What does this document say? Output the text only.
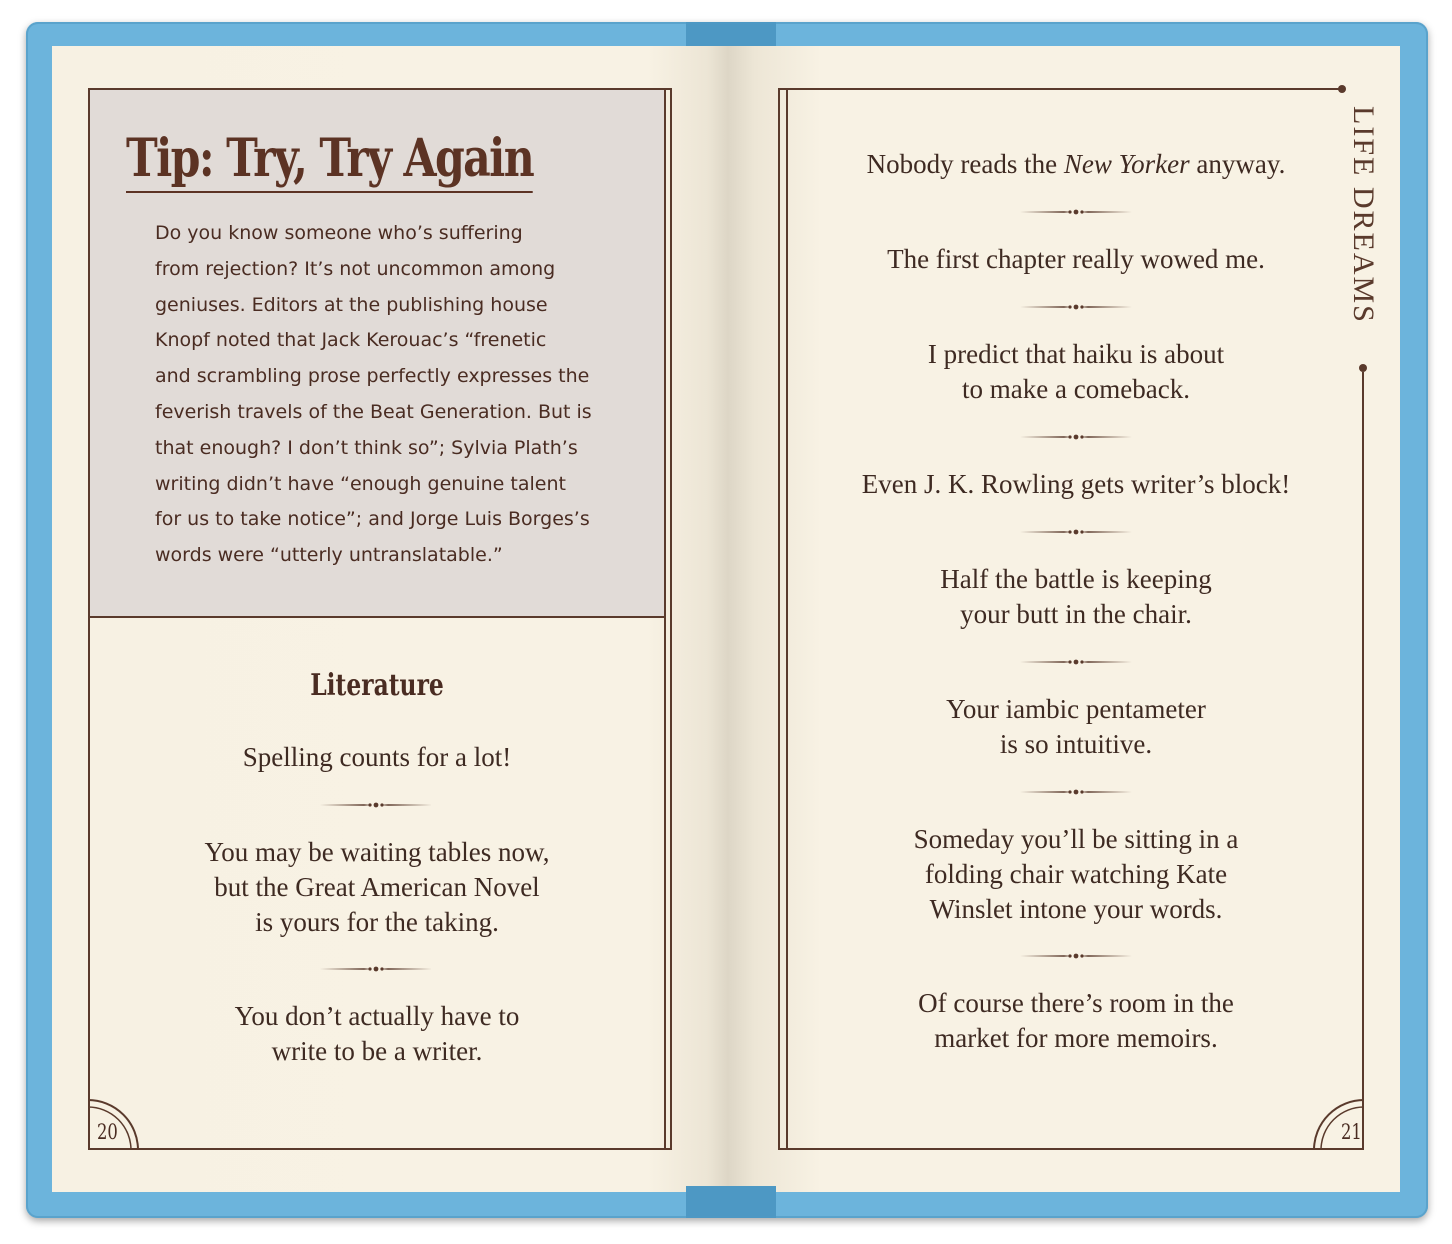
Tip: Try, Try Again
Do you know someone who’s suffering
from rejection? It’s not uncommon among
geniuses. Editors at the publishing house
Knopf noted that Jack Kerouac’s “frenetic
and scrambling prose perfectly expresses the
feverish travels of the Beat Generation. But is
that enough? I don’t think so”; Sylvia Plath’s
writing didn’t have “enough genuine talent
for us to take notice”; and Jorge Luis Borges’s
words were “utterly untranslatable.”
Literature
Spelling counts for a lot!
You may be waiting tables now,
but the Great American Novel
is yours for the taking.
You don’t actually have to
write to be a writer.
20
LIFE DREAMS
Nobody reads the New Yorker anyway.
The first chapter really wowed me.
I predict that haiku is about
to make a comeback.
Even J. K. Rowling gets writer’s block!
Half the battle is keeping
your butt in the chair.
Your iambic pentameter
is so intuitive.
Someday you’ll be sitting in a
folding chair watching Kate
Winslet intone your words.
Of course there’s room in the
market for more memoirs.
21
